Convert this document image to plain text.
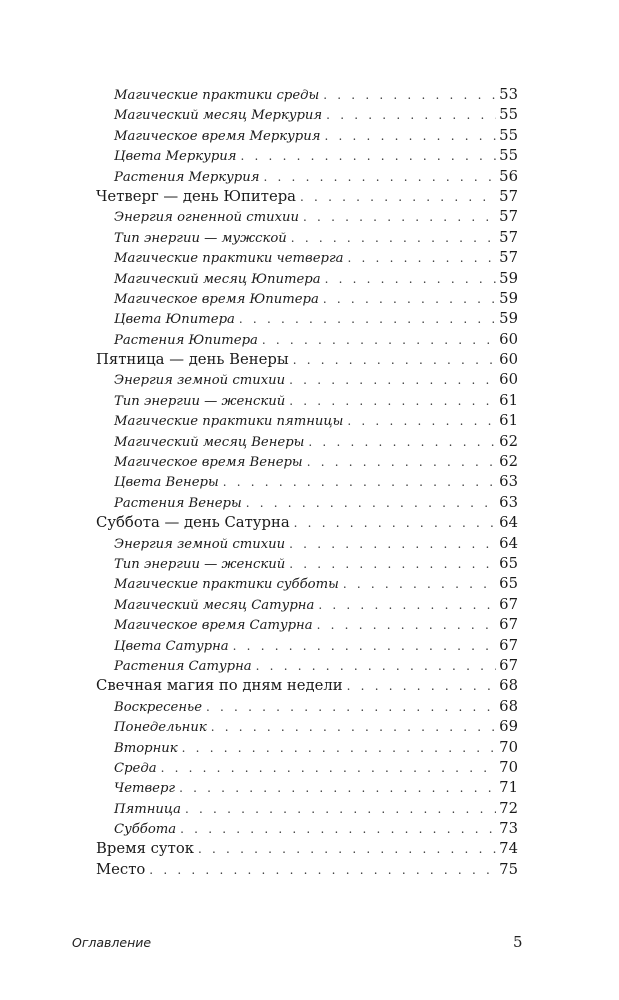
Магические практики среды . . .	53
Магический месяц Меркурия . . .	55
Магическое время Меркурия . . .	55
Цвета Меркурия . . .	55
Растения Меркурия . . .	56
Четверг — день Юпитера . . .	57
Энергия огненной стихии . . .	57
Тип энергии — мужской . . .	57
Магические практики четверга . . .	57
Магический месяц Юпитера . . .	59
Магическое время Юпитера . . .	59
Цвета Юпитера . . .	59
Растения Юпитера . . .	60
Пятница — день Венеры . . .	60
Энергия земной стихии . . .	60
Тип энергии — женский . . .	61
Магические практики пятницы . . .	61
Магический месяц Венеры . . .	62
Магическое время Венеры . . .	62
Цвета Венеры . . .	63
Растения Венеры . . .	63
Суббота — день Сатурна . . .	64
Энергия земной стихии . . .	64
Тип энергии — женский . . .	65
Магические практики субботы . . .	65
Магический месяц Сатурна . . .	67
Магическое время Сатурна . . .	67
Цвета Сатурна . . .	67
Растения Сатурна . . .	67
Свечная магия по дням недели . . .	68
Воскресенье . . .	68
Понедельник . . .	69
Вторник . . .	70
Среда . . .	70
Четверг . . .	71
Пятница . . .	72
Суббота . . .	73
Время суток . . .	74
Место . . .	75
Оглавление	5
